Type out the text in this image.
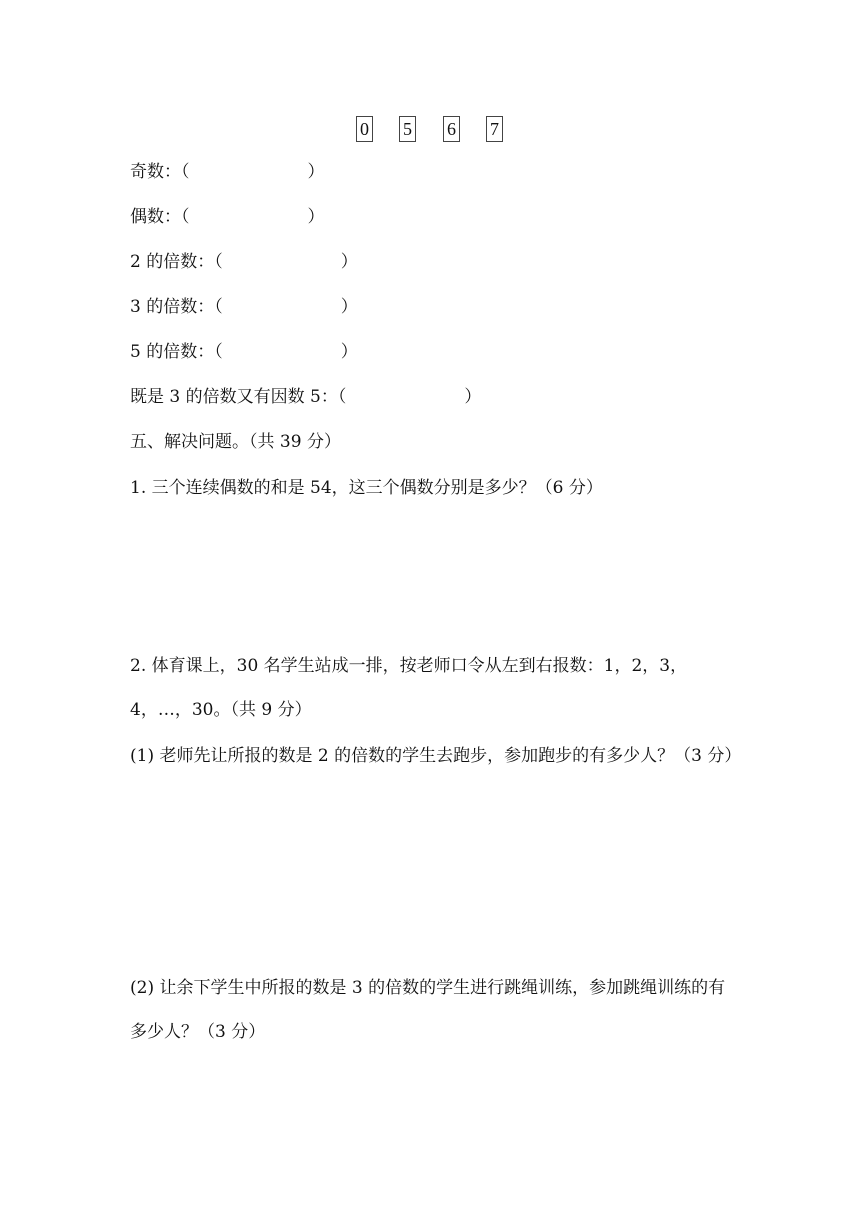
0 5 6 7
奇数：（	）
偶数：（	）
2 的倍数：（	）
3 的倍数：（	）
5 的倍数：（	）
既是 3 的倍数又有因数 5：（	）
五、解决问题。（共 39 分）
1. 三个连续偶数的和是 54，这三个偶数分别是多少？（6 分）
2. 体育课上，30 名学生站成一排，按老师口令从左到右报数：1，2，3，4，…，30。（共 9 分）
(1) 老师先让所报的数是 2 的倍数的学生去跑步，参加跑步的有多少人？（3 分）
(2) 让余下学生中所报的数是 3 的倍数的学生进行跳绳训练，参加跳绳训练的有多少人？（3 分）
